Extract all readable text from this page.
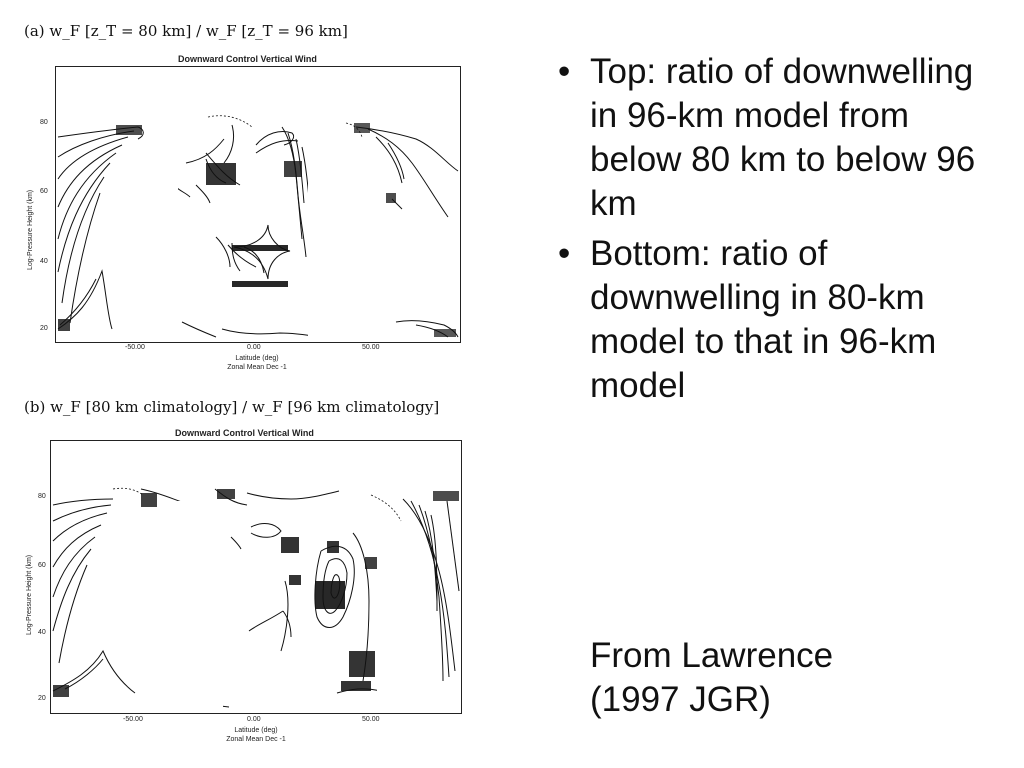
(a) w_F [z_T = 80 km] / w_F [z_T = 96 km]
Downward Control Vertical Wind
Log-Pressure Height (km)
80
60
40
20
-50.00	0.00	50.00
Latitude (deg)
Zonal Mean Dec -1
(b) w_F [80 km climatology] / w_F [96 km climatology]
Downward Control Vertical Wind
Log-Pressure Height (km)
80
60
40
20
-50.00	0.00	50.00
Latitude (deg)
Zonal Mean Dec -1
• Top: ratio of downwelling in 96-km model from below 80 km to below 96 km
• Bottom: ratio of downwelling in 80-km model to that in 96-km model
From Lawrence
(1997 JGR)
